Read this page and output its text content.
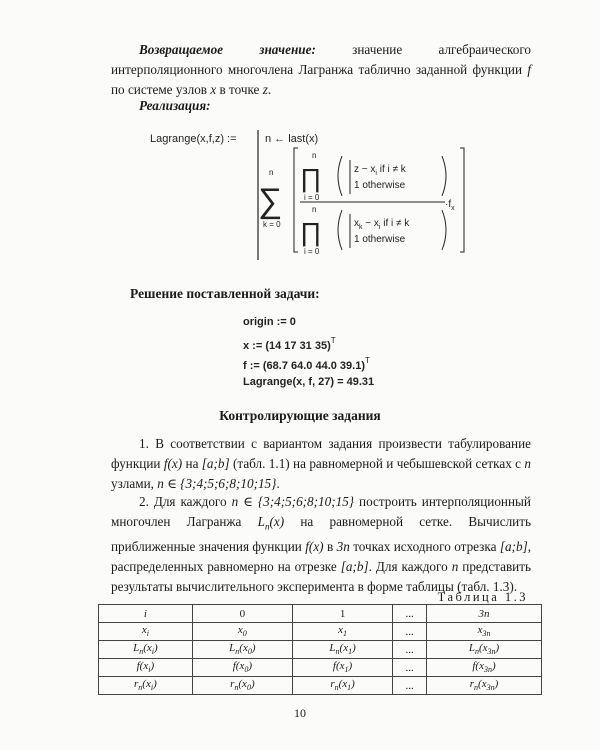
Возвращаемое значение: значение алгебраического интерполяционного многочлена Лагранжа таблично заданной функции f по системе узлов x в точке z.
Реализация:
Lagrange(x,f,z) :=	n ← last(x)
n
∑
k = 0
n
∏
i = 0
$z - x_i$ if i ≠ k
1 otherwise
$\cdot f_x$
n
∏
i = 0
$x_k - x_i$ if i ≠ k
1 otherwise
Решение поставленной задачи:
origin := 0
x := (14 17 31 35)$^T$
f := (68.7 64.0 44.0 39.1)$^T$
Lagrange(x, f, 27) = 49.31
Контролирующие задания
1. В соответствии с вариантом задания произвести табулирование функции f(x) на [a;b] (табл. 1.1) на равномерной и чебышевской сетках с n узлами, n ∈ {3;4;5;6;8;10;15}.
2. Для каждого n ∈ {3;4;5;6;8;10;15} построить интерполяционный многочлен Лагранжа $L_n(x)$ на равномерной сетке. Вычислить приближенные значения функции f(x) в 3n точках исходного отрезка [a;b], распределенных равномерно на отрезке [a;b]. Для каждого n представить результаты вычислительного эксперимента в форме таблицы (табл. 1.3).
Таблица 1.3
i	0	1	...	3n
$x_i$	$x_0$	$x_1$	...	$x_{3n}$
$L_n(x_i)$	$L_n(x_0)$	$L_n(x_1)$	...	$L_n(x_{3n})$
$f(x_i)$	$f(x_0)$	$f(x_1)$	...	$f(x_{3n})$
$r_n(x_i)$	$r_n(x_0)$	$r_n(x_1)$	...	$r_n(x_{3n})$
10
